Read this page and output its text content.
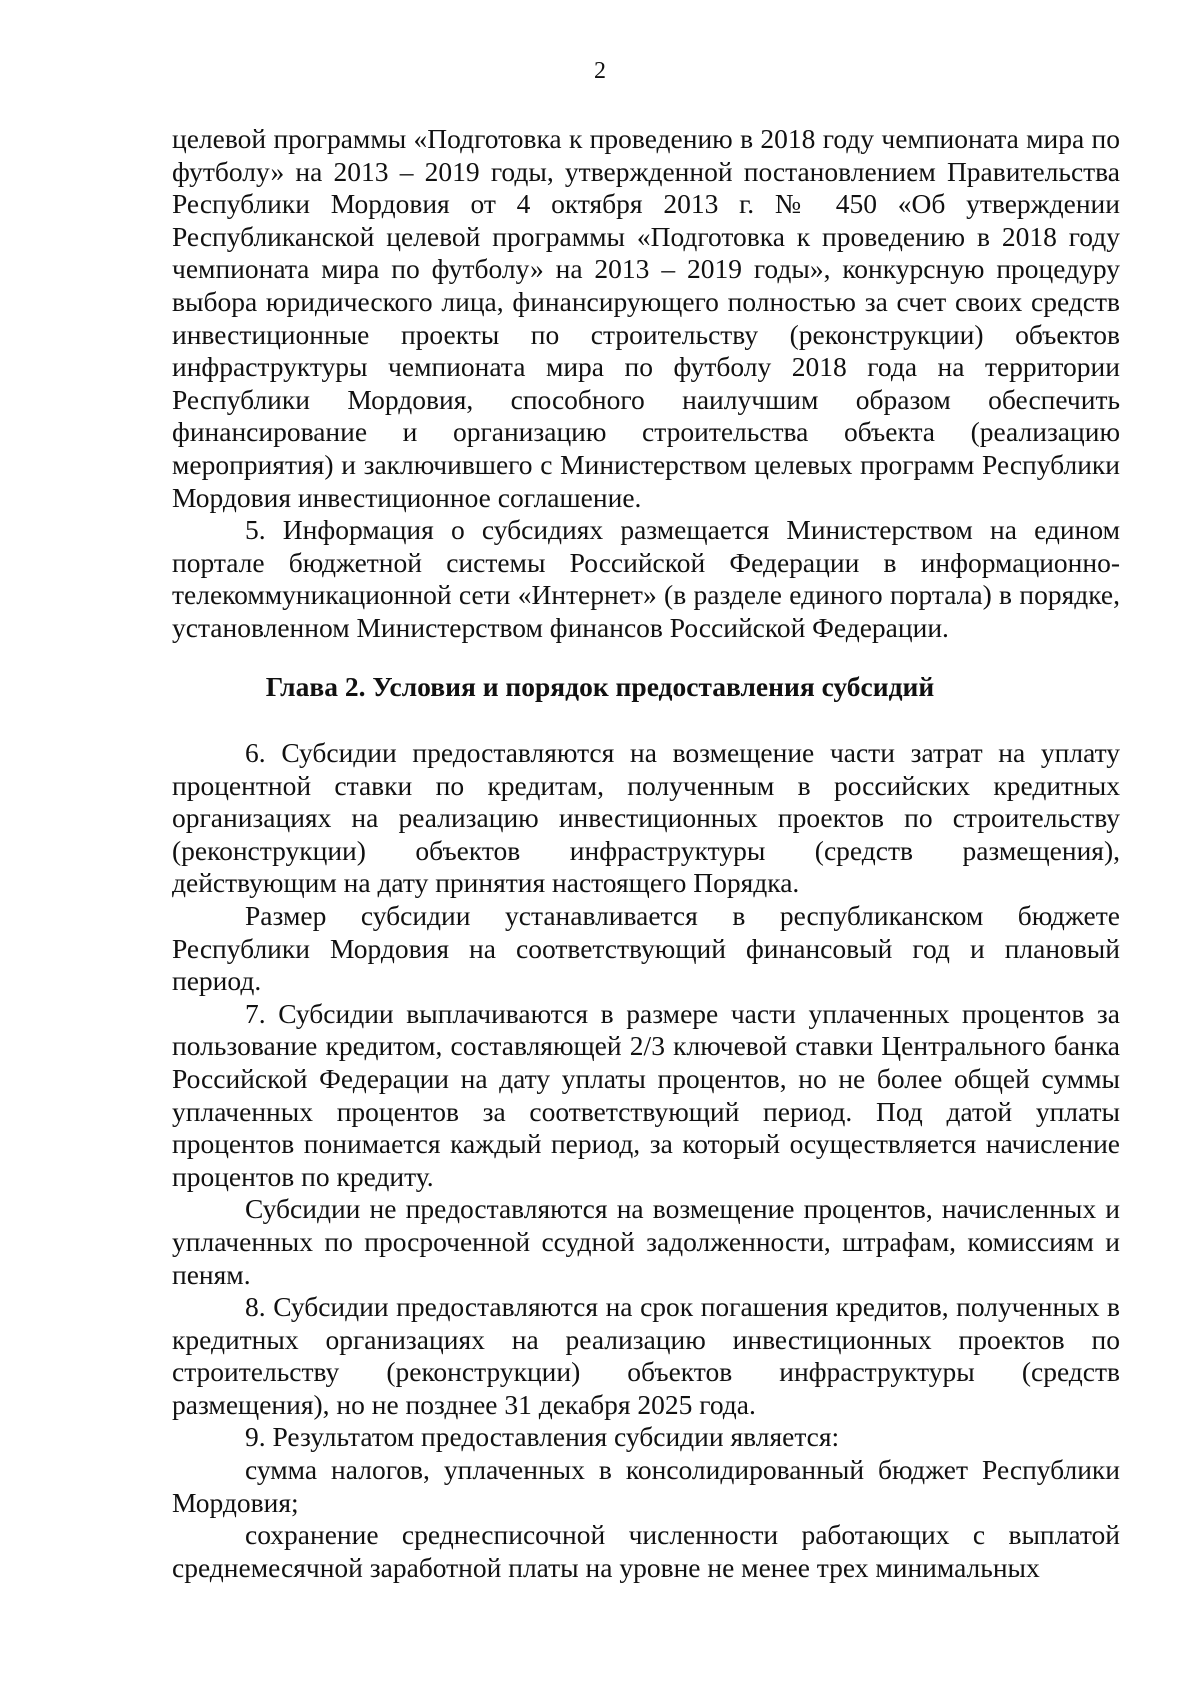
2

целевой программы «Подготовка к проведению в 2018 году чемпионата мира по футболу» на 2013 – 2019 годы, утвержденной постановлением Правительства Республики Мордовия от 4 октября 2013 г. № 450 «Об утверждении Республиканской целевой программы «Подготовка к проведению в 2018 году чемпионата мира по футболу» на 2013 – 2019 годы», конкурсную процедуру выбора юридического лица, финансирующего полностью за счет своих средств инвестиционные проекты по строительству (реконструкции) объектов инфраструктуры чемпионата мира по футболу 2018 года на территории Республики Мордовия, способного наилучшим образом обеспечить финансирование и организацию строительства объекта (реализацию мероприятия) и заключившего с Министерством целевых программ Республики Мордовия инвестиционное соглашение.

5. Информация о субсидиях размещается Министерством на едином портале бюджетной системы Российской Федерации в информационно-телекоммуникационной сети «Интернет» (в разделе единого портала) в порядке, установленном Министерством финансов Российской Федерации.

Глава 2. Условия и порядок предоставления субсидий

6. Субсидии предоставляются на возмещение части затрат на уплату процентной ставки по кредитам, полученным в российских кредитных организациях на реализацию инвестиционных проектов по строительству (реконструкции) объектов инфраструктуры (средств размещения), действующим на дату принятия настоящего Порядка.

Размер субсидии устанавливается в республиканском бюджете Республики Мордовия на соответствующий финансовый год и плановый период.

7. Субсидии выплачиваются в размере части уплаченных процентов за пользование кредитом, составляющей 2/3 ключевой ставки Центрального банка Российской Федерации на дату уплаты процентов, но не более общей суммы уплаченных процентов за соответствующий период. Под датой уплаты процентов понимается каждый период, за который осуществляется начисление процентов по кредиту.

Субсидии не предоставляются на возмещение процентов, начисленных и уплаченных по просроченной ссудной задолженности, штрафам, комиссиям и пеням.

8. Субсидии предоставляются на срок погашения кредитов, полученных в кредитных организациях на реализацию инвестиционных проектов по строительству (реконструкции) объектов инфраструктуры (средств размещения), но не позднее 31 декабря 2025 года.

9. Результатом предоставления субсидии является:

сумма налогов, уплаченных в консолидированный бюджет Республики Мордовия;

сохранение среднесписочной численности работающих с выплатой среднемесячной заработной платы на уровне не менее трех минимальных
